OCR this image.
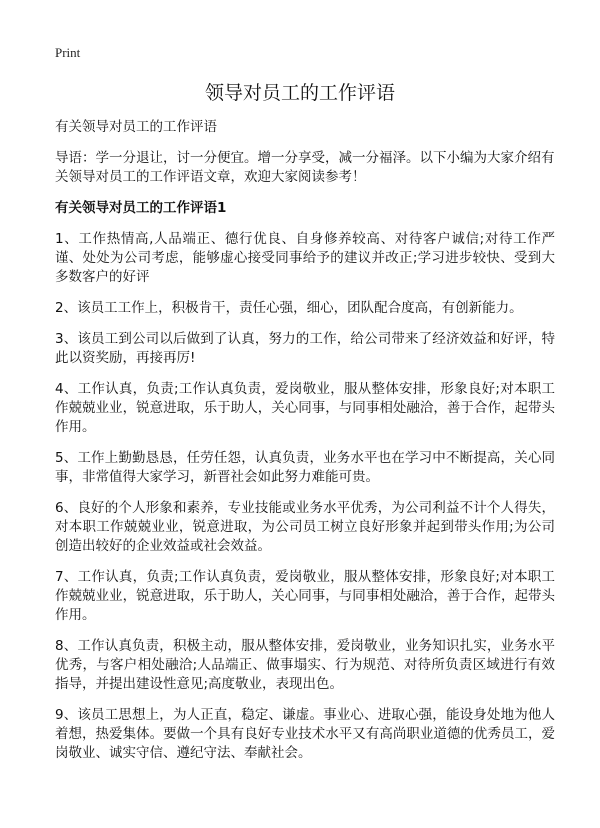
Print
领导对员工的工作评语

有关领导对员工的工作评语

导语：学一分退让，讨一分便宜。增一分享受，减一分福泽。以下小编为大家介绍有关领导对员工的工作评语文章，欢迎大家阅读参考！

有关领导对员工的工作评语1

1、工作热情高,人品端正、德行优良、自身修养较高、对待客户诚信;对待工作严谨、处处为公司考虑，能够虚心接受同事给予的建议并改正;学习进步较快、受到大多数客户的好评

2、该员工工作上，积极肯干，责任心强，细心，团队配合度高，有创新能力。

3、该员工到公司以后做到了认真，努力的工作，给公司带来了经济效益和好评，特此以资奖励，再接再厉!

4、工作认真，负责;工作认真负责，爱岗敬业，服从整体安排，形象良好;对本职工作兢兢业业，锐意进取，乐于助人，关心同事，与同事相处融洽，善于合作，起带头作用。

5、工作上勤勤恳恳，任劳任怨，认真负责，业务水平也在学习中不断提高，关心同事，非常值得大家学习，新晋社会如此努力难能可贵。

6、良好的个人形象和素养，专业技能或业务水平优秀，为公司利益不计个人得失，对本职工作兢兢业业，锐意进取，为公司员工树立良好形象并起到带头作用;为公司创造出较好的企业效益或社会效益。

7、工作认真，负责;工作认真负责，爱岗敬业，服从整体安排，形象良好;对本职工作兢兢业业，锐意进取，乐于助人，关心同事，与同事相处融洽，善于合作，起带头作用。

8、工作认真负责，积极主动，服从整体安排，爱岗敬业，业务知识扎实，业务水平优秀，与客户相处融洽;人品端正、做事塌实、行为规范、对待所负责区域进行有效指导，并提出建设性意见;高度敬业，表现出色。

9、该员工思想上，为人正直，稳定、谦虚。事业心、进取心强，能设身处地为他人着想，热爱集体。要做一个具有良好专业技术水平又有高尚职业道德的优秀员工，爱岗敬业、诚实守信、遵纪守法、奉献社会。
